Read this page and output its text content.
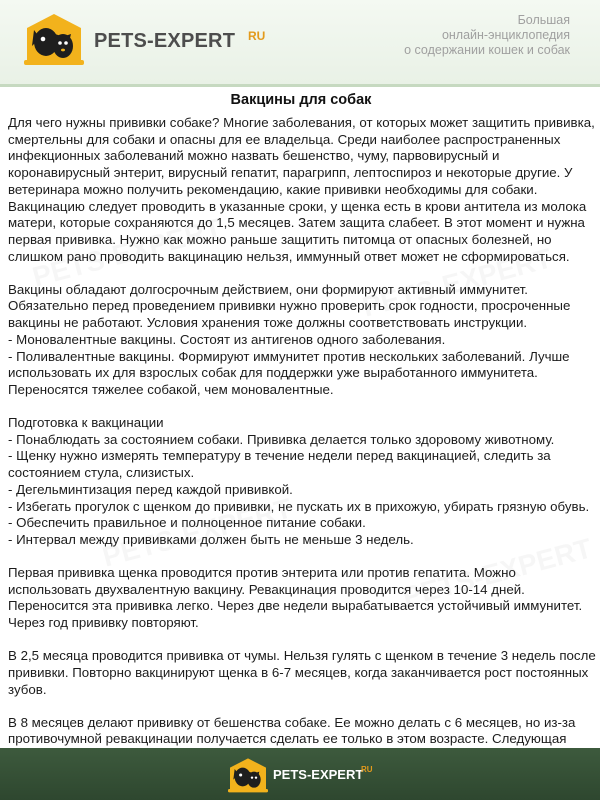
PETS-EXPERT RU
Большая
онлайн-энциклопедия
о содержании кошек и собак
Вакцины для собак
Для чего нужны прививки собаке? Многие заболевания, от которых может защитить прививка,
смертельны для собаки и опасны для ее владельца. Среди наиболее распространенных
инфекционных заболеваний можно назвать бешенство, чуму, парвовирусный и
коронавирусный энтерит, вирусный гепатит, парагрипп, лептоспироз и некоторые другие. У
ветеринара можно получить рекомендацию, какие прививки необходимы для собаки.
Вакцинацию следует проводить в указанные сроки, у щенка есть в крови антитела из молока
матери, которые сохраняются до 1,5 месяцев. Затем защита слабеет. В этот момент и нужна
первая прививка. Нужно как можно раньше защитить питомца от опасных болезней, но
слишком рано проводить вакцинацию нельзя, иммунный ответ может не сформироваться.
Вакцины обладают долгосрочным действием, они формируют активный иммунитет.
Обязательно перед проведением прививки нужно проверить срок годности, просроченные
вакцины не работают. Условия хранения тоже должны соответствовать инструкции.
- Моновалентные вакцины. Состоят из антигенов одного заболевания.
- Поливалентные вакцины. Формируют иммунитет против нескольких заболеваний. Лучше
использовать их для взрослых собак для поддержки уже выработанного иммунитета.
Переносятся тяжелее собакой, чем моновалентные.
Подготовка к вакцинации
- Понаблюдать за состоянием собаки. Прививка делается только здоровому животному.
- Щенку нужно измерять температуру в течение недели перед вакцинацией, следить за
состоянием стула, слизистых.
- Дегельминтизация перед каждой прививкой.
- Избегать прогулок с щенком до прививки, не пускать их в прихожую, убирать грязную обувь.
- Обеспечить правильное и полноценное питание собаки.
- Интервал между прививками должен быть не меньше 3 недель.
Первая прививка щенка проводится против энтерита или против гепатита. Можно
использовать двухвалентную вакцину. Ревакцинация проводится через 10-14 дней.
Переносится эта прививка легко. Через две недели вырабатывается устойчивый иммунитет.
Через год прививку повторяют.
В 2,5 месяца проводится прививка от чумы. Нельзя гулять с щенком в течение 3 недель после
прививки. Повторно вакцинируют щенка в 6-7 месяцев, когда заканчивается рост постоянных
зубов.
В 8 месяцев делают прививку от бешенства собаке. Ее можно делать с 6 месяцев, но из-за
противочумной ревакцинации получается сделать ее только в этом возрасте. Следующая
PETS-EXPERT
RU
